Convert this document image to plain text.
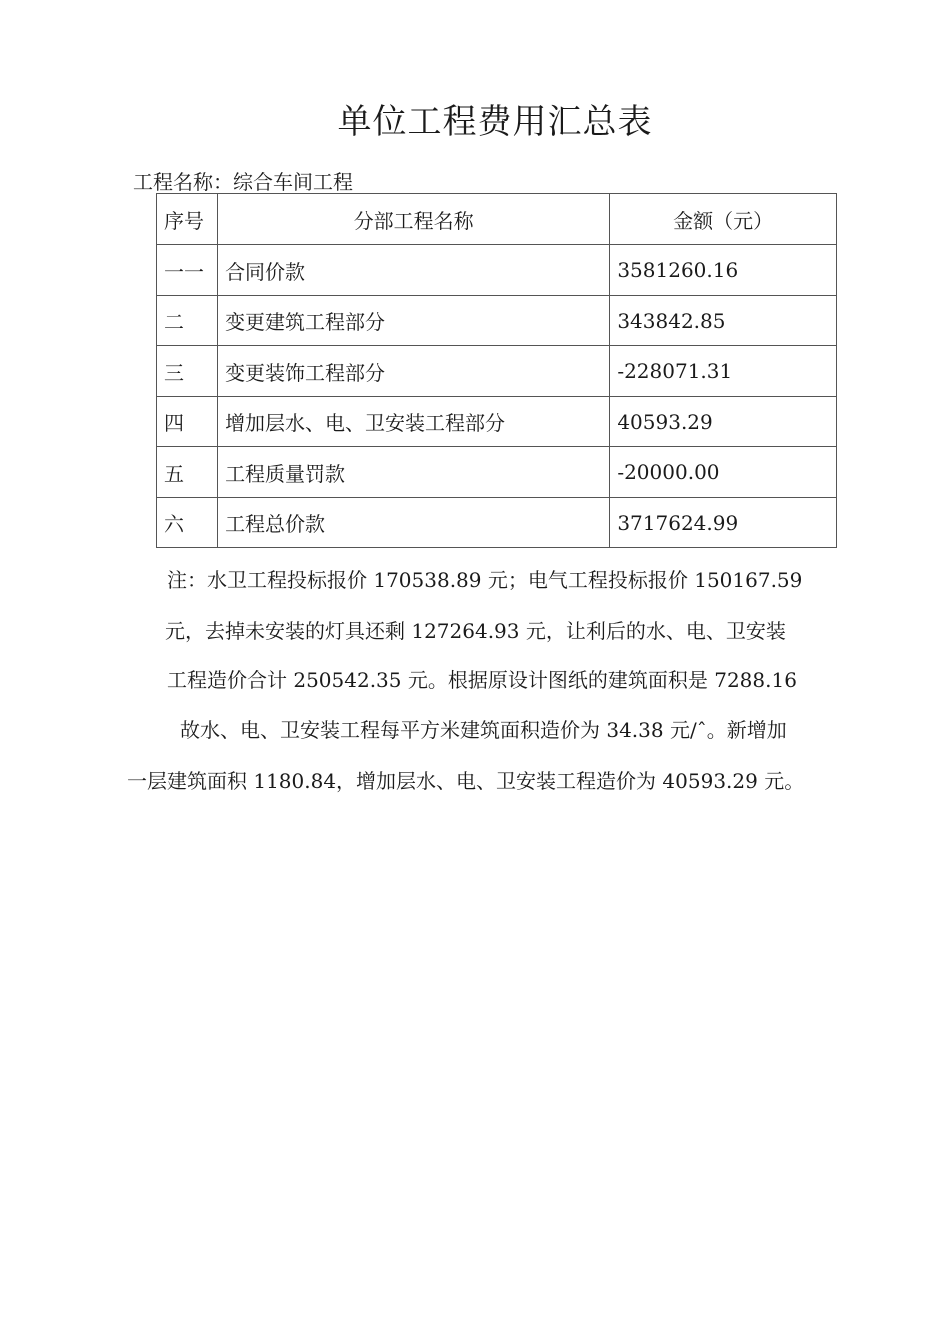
单位工程费用汇总表
工程名称：综合车间工程
序号	分部工程名称	金额（元）
一一	合同价款	3581260.16
二	变更建筑工程部分	343842.85
三	变更装饰工程部分	-228071.31
四	增加层水、电、卫安装工程部分	40593.29
五	工程质量罚款	-20000.00
六	工程总价款	3717624.99
注：水卫工程投标报价 170538.89 元；电气工程投标报价 150167.59
元，去掉未安装的灯具还剩 127264.93 元，让利后的水、电、卫安装
工程造价合计 250542.35 元。根据原设计图纸的建筑面积是 7288.16
故水、电、卫安装工程每平方米建筑面积造价为 34.38 元/ˆ。新增加
一层建筑面积 1180.84，增加层水、电、卫安装工程造价为 40593.29 元。
